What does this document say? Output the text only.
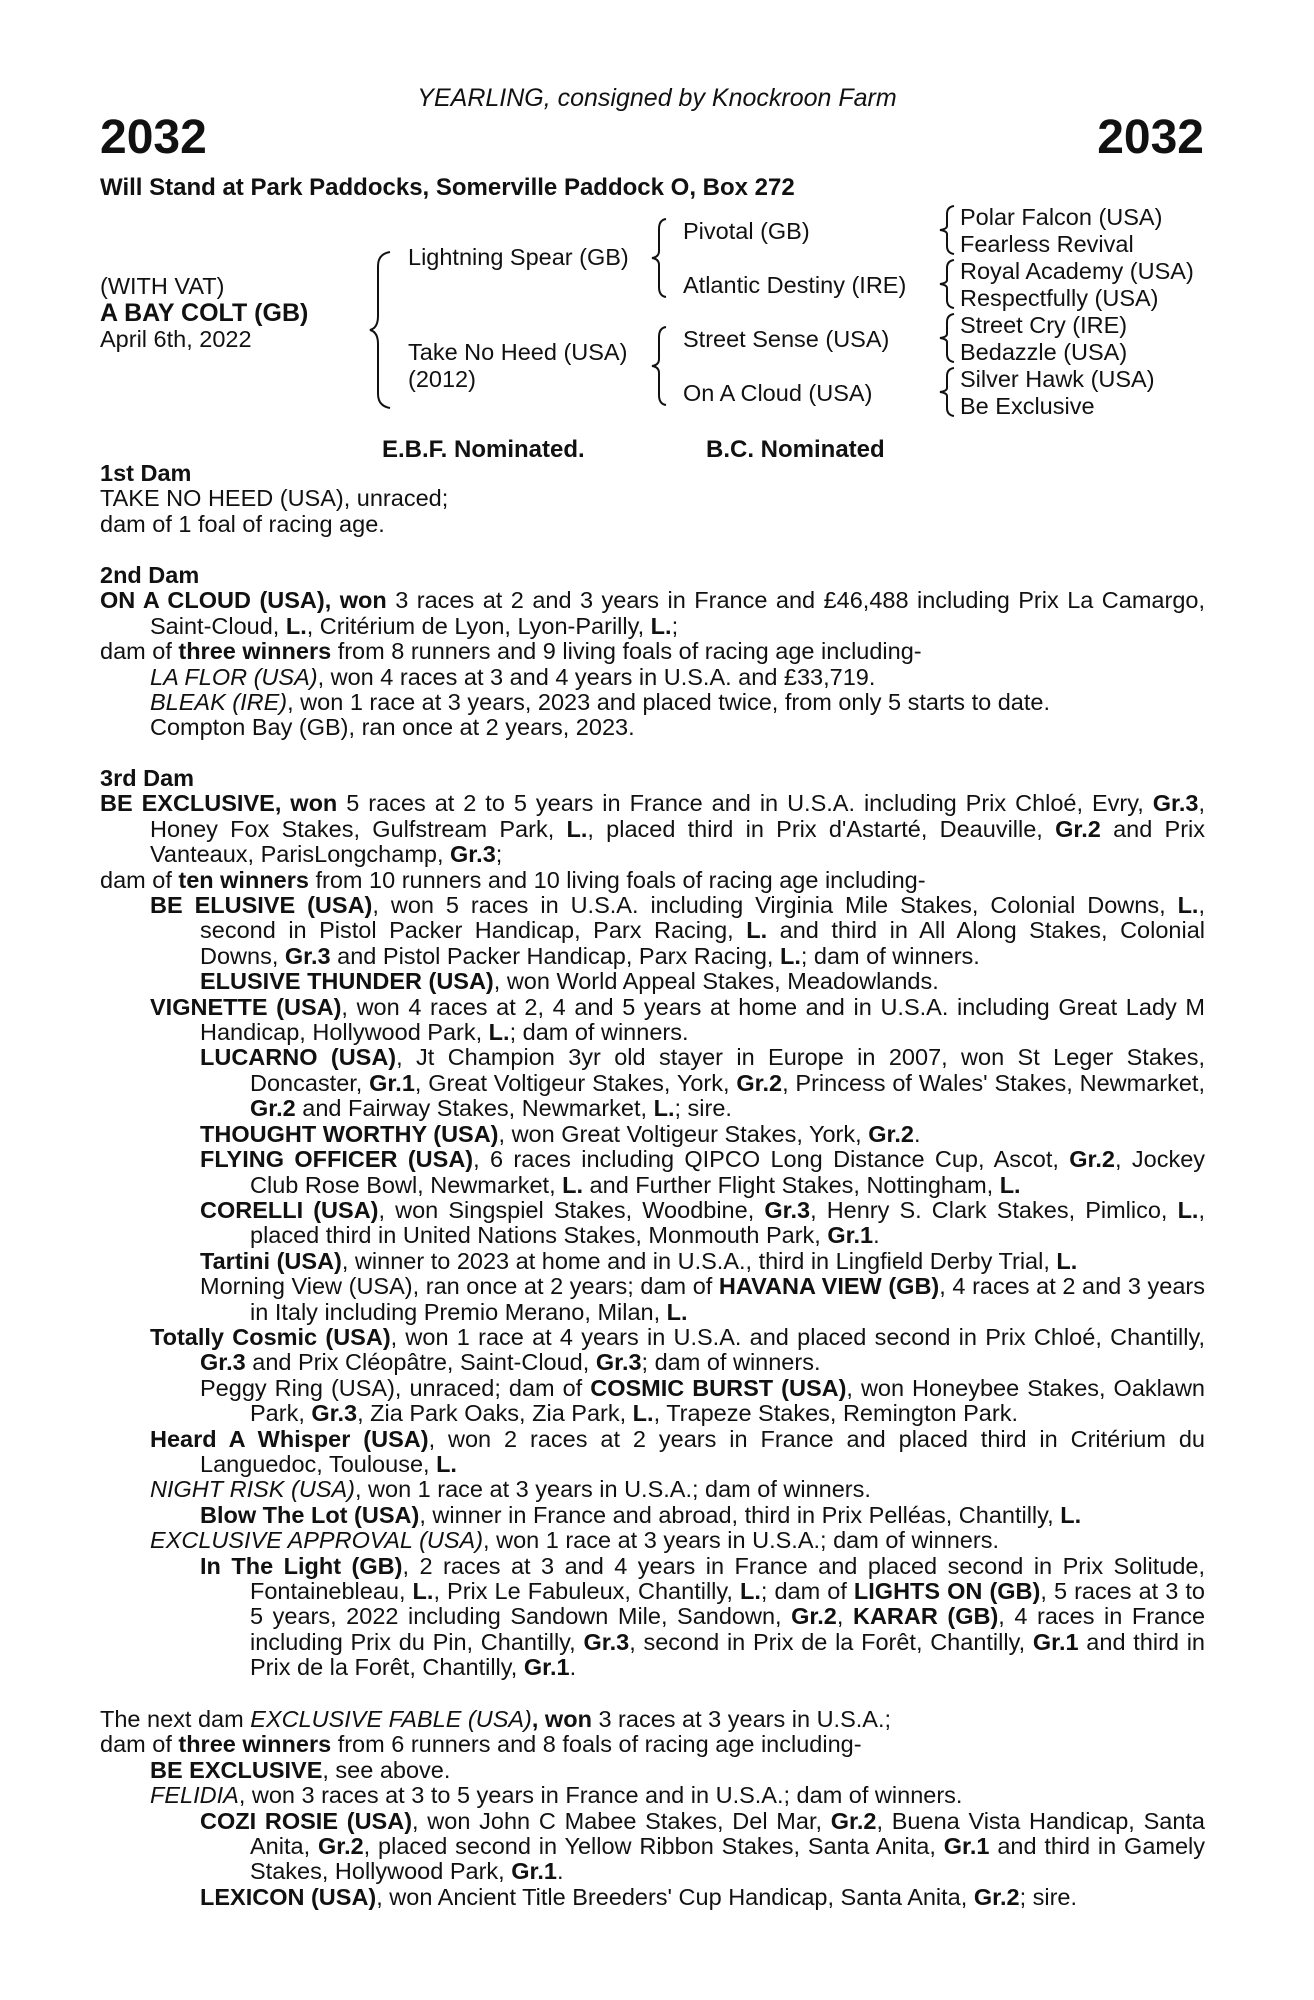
YEARLING, consigned by Knockroon Farm
2032	2032
Will Stand at Park Paddocks, Somerville Paddock O, Box 272
(WITH VAT)
A BAY COLT (GB)
April 6th, 2022
Lightning Spear (GB)
Take No Heed (USA)
(2012)
Pivotal (GB)
Atlantic Destiny (IRE)
Street Sense (USA)
On A Cloud (USA)
Polar Falcon (USA)
Fearless Revival
Royal Academy (USA)
Respectfully (USA)
Street Cry (IRE)
Bedazzle (USA)
Silver Hawk (USA)
Be Exclusive
E.B.F. Nominated.	B.C. Nominated

1st Dam

TAKE NO HEED (USA), unraced;

dam of 1 foal of racing age.

2nd Dam

ON A CLOUD (USA), won 3 races at 2 and 3 years in France and £46,488 including Prix La Camargo, Saint-Cloud, L., Critérium de Lyon, Lyon-Parilly, L.;

dam of three winners from 8 runners and 9 living foals of racing age including-

LA FLOR (USA), won 4 races at 3 and 4 years in U.S.A. and £33,719.

BLEAK (IRE), won 1 race at 3 years, 2023 and placed twice, from only 5 starts to date.

Compton Bay (GB), ran once at 2 years, 2023.

3rd Dam

BE EXCLUSIVE, won 5 races at 2 to 5 years in France and in U.S.A. including Prix Chloé, Evry, Gr.3, Honey Fox Stakes, Gulfstream Park, L., placed third in Prix d'Astarté, Deauville, Gr.2 and Prix Vanteaux, ParisLongchamp, Gr.3;

dam of ten winners from 10 runners and 10 living foals of racing age including-

BE ELUSIVE (USA), won 5 races in U.S.A. including Virginia Mile Stakes, Colonial Downs, L., second in Pistol Packer Handicap, Parx Racing, L. and third in All Along Stakes, Colonial Downs, Gr.3 and Pistol Packer Handicap, Parx Racing, L.; dam of winners.

ELUSIVE THUNDER (USA), won World Appeal Stakes, Meadowlands.

VIGNETTE (USA), won 4 races at 2, 4 and 5 years at home and in U.S.A. including Great Lady M Handicap, Hollywood Park, L.; dam of winners.

LUCARNO (USA), Jt Champion 3yr old stayer in Europe in 2007, won St Leger Stakes, Doncaster, Gr.1, Great Voltigeur Stakes, York, Gr.2, Princess of Wales' Stakes, Newmarket, Gr.2 and Fairway Stakes, Newmarket, L.; sire.

THOUGHT WORTHY (USA), won Great Voltigeur Stakes, York, Gr.2.

FLYING OFFICER (USA), 6 races including QIPCO Long Distance Cup, Ascot, Gr.2, Jockey Club Rose Bowl, Newmarket, L. and Further Flight Stakes, Nottingham, L.

CORELLI (USA), won Singspiel Stakes, Woodbine, Gr.3, Henry S. Clark Stakes, Pimlico, L., placed third in United Nations Stakes, Monmouth Park, Gr.1.

Tartini (USA), winner to 2023 at home and in U.S.A., third in Lingfield Derby Trial, L.

Morning View (USA), ran once at 2 years; dam of HAVANA VIEW (GB), 4 races at 2 and 3 years in Italy including Premio Merano, Milan, L.

Totally Cosmic (USA), won 1 race at 4 years in U.S.A. and placed second in Prix Chloé, Chantilly, Gr.3 and Prix Cléopâtre, Saint-Cloud, Gr.3; dam of winners.

Peggy Ring (USA), unraced; dam of COSMIC BURST (USA), won Honeybee Stakes, Oaklawn Park, Gr.3, Zia Park Oaks, Zia Park, L., Trapeze Stakes, Remington Park.

Heard A Whisper (USA), won 2 races at 2 years in France and placed third in Critérium du Languedoc, Toulouse, L.

NIGHT RISK (USA), won 1 race at 3 years in U.S.A.; dam of winners.

Blow The Lot (USA), winner in France and abroad, third in Prix Pelléas, Chantilly, L.

EXCLUSIVE APPROVAL (USA), won 1 race at 3 years in U.S.A.; dam of winners.

In The Light (GB), 2 races at 3 and 4 years in France and placed second in Prix Solitude, Fontainebleau, L., Prix Le Fabuleux, Chantilly, L.; dam of LIGHTS ON (GB), 5 races at 3 to 5 years, 2022 including Sandown Mile, Sandown, Gr.2, KARAR (GB), 4 races in France including Prix du Pin, Chantilly, Gr.3, second in Prix de la Forêt, Chantilly, Gr.1 and third in Prix de la Forêt, Chantilly, Gr.1.

The next dam EXCLUSIVE FABLE (USA), won 3 races at 3 years in U.S.A.;

dam of three winners from 6 runners and 8 foals of racing age including-

BE EXCLUSIVE, see above.

FELIDIA, won 3 races at 3 to 5 years in France and in U.S.A.; dam of winners.

COZI ROSIE (USA), won John C Mabee Stakes, Del Mar, Gr.2, Buena Vista Handicap, Santa Anita, Gr.2, placed second in Yellow Ribbon Stakes, Santa Anita, Gr.1 and third in Gamely Stakes, Hollywood Park, Gr.1.

LEXICON (USA), won Ancient Title Breeders' Cup Handicap, Santa Anita, Gr.2; sire.
